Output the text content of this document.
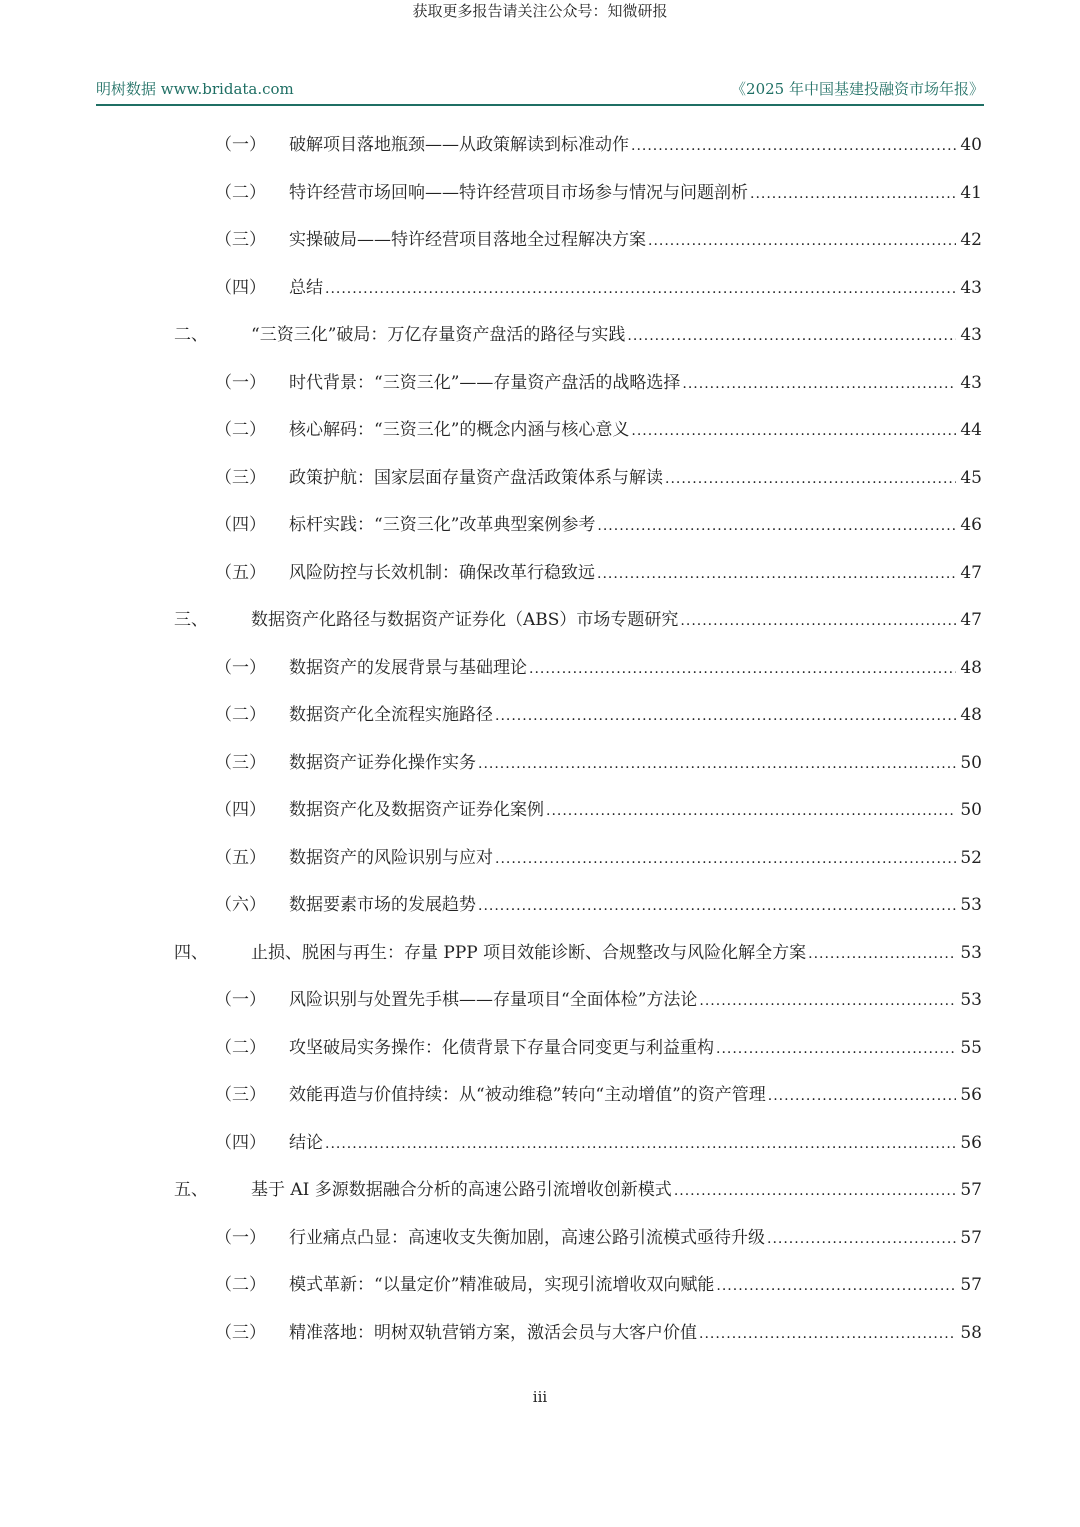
获取更多报告请关注公众号：知微研报
明树数据 www.bridata.com	《2025 年中国基建投融资市场年报》
（一）	破解项目落地瓶颈——从政策解读到标准动作 .....	40
（二）	特许经营市场回响——特许经营项目市场参与情况与问题剖析 .....	41
（三）	实操破局——特许经营项目落地全过程解决方案 .....	42
（四）	总结 .....	43
二、	“三资三化”破局：万亿存量资产盘活的路径与实践 .....	43
（一）	时代背景：“三资三化”——存量资产盘活的战略选择 .....	43
（二）	核心解码：“三资三化”的概念内涵与核心意义 .....	44
（三）	政策护航：国家层面存量资产盘活政策体系与解读 .....	45
（四）	标杆实践：“三资三化”改革典型案例参考 .....	46
（五）	风险防控与长效机制：确保改革行稳致远 .....	47
三、	数据资产化路径与数据资产证券化（ABS）市场专题研究 .....	47
（一）	数据资产的发展背景与基础理论 .....	48
（二）	数据资产化全流程实施路径 .....	48
（三）	数据资产证券化操作实务 .....	50
（四）	数据资产化及数据资产证券化案例 .....	50
（五）	数据资产的风险识别与应对 .....	52
（六）	数据要素市场的发展趋势 .....	53
四、	止损、脱困与再生：存量 PPP 项目效能诊断、合规整改与风险化解全方案 .....	53
（一）	风险识别与处置先手棋——存量项目“全面体检”方法论 .....	53
（二）	攻坚破局实务操作：化债背景下存量合同变更与利益重构 .....	55
（三）	效能再造与价值持续：从“被动维稳”转向“主动增值”的资产管理 .....	56
（四）	结论 .....	56
五、	基于 AI 多源数据融合分析的高速公路引流增收创新模式 .....	57
（一）	行业痛点凸显：高速收支失衡加剧，高速公路引流模式亟待升级 .....	57
（二）	模式革新：“以量定价”精准破局，实现引流增收双向赋能 .....	57
（三）	精准落地：明树双轨营销方案，激活会员与大客户价值 .....	58
iii
